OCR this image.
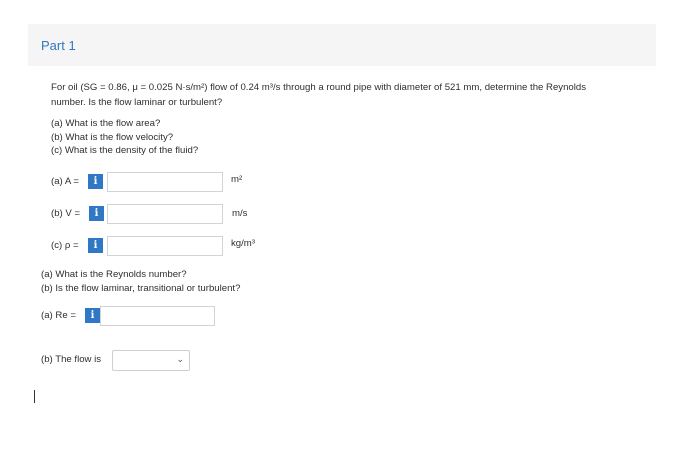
Part 1
For oil (SG = 0.86, μ = 0.025 N·s/m²) flow of 0.24 m³/s through a round pipe with diameter of 521 mm, determine the Reynolds
number. Is the flow laminar or turbulent?
(a) What is the flow area?
(b) What is the flow velocity?
(c) What is the density of the fluid?
(a) A =	i	m²
(b) V =	i	m/s
(c) ρ =	i	kg/m³
(a) What is the Reynolds number?
(b) Is the flow laminar, transitional or turbulent?
(a) Re =	i
(b) The flow is	⌄
